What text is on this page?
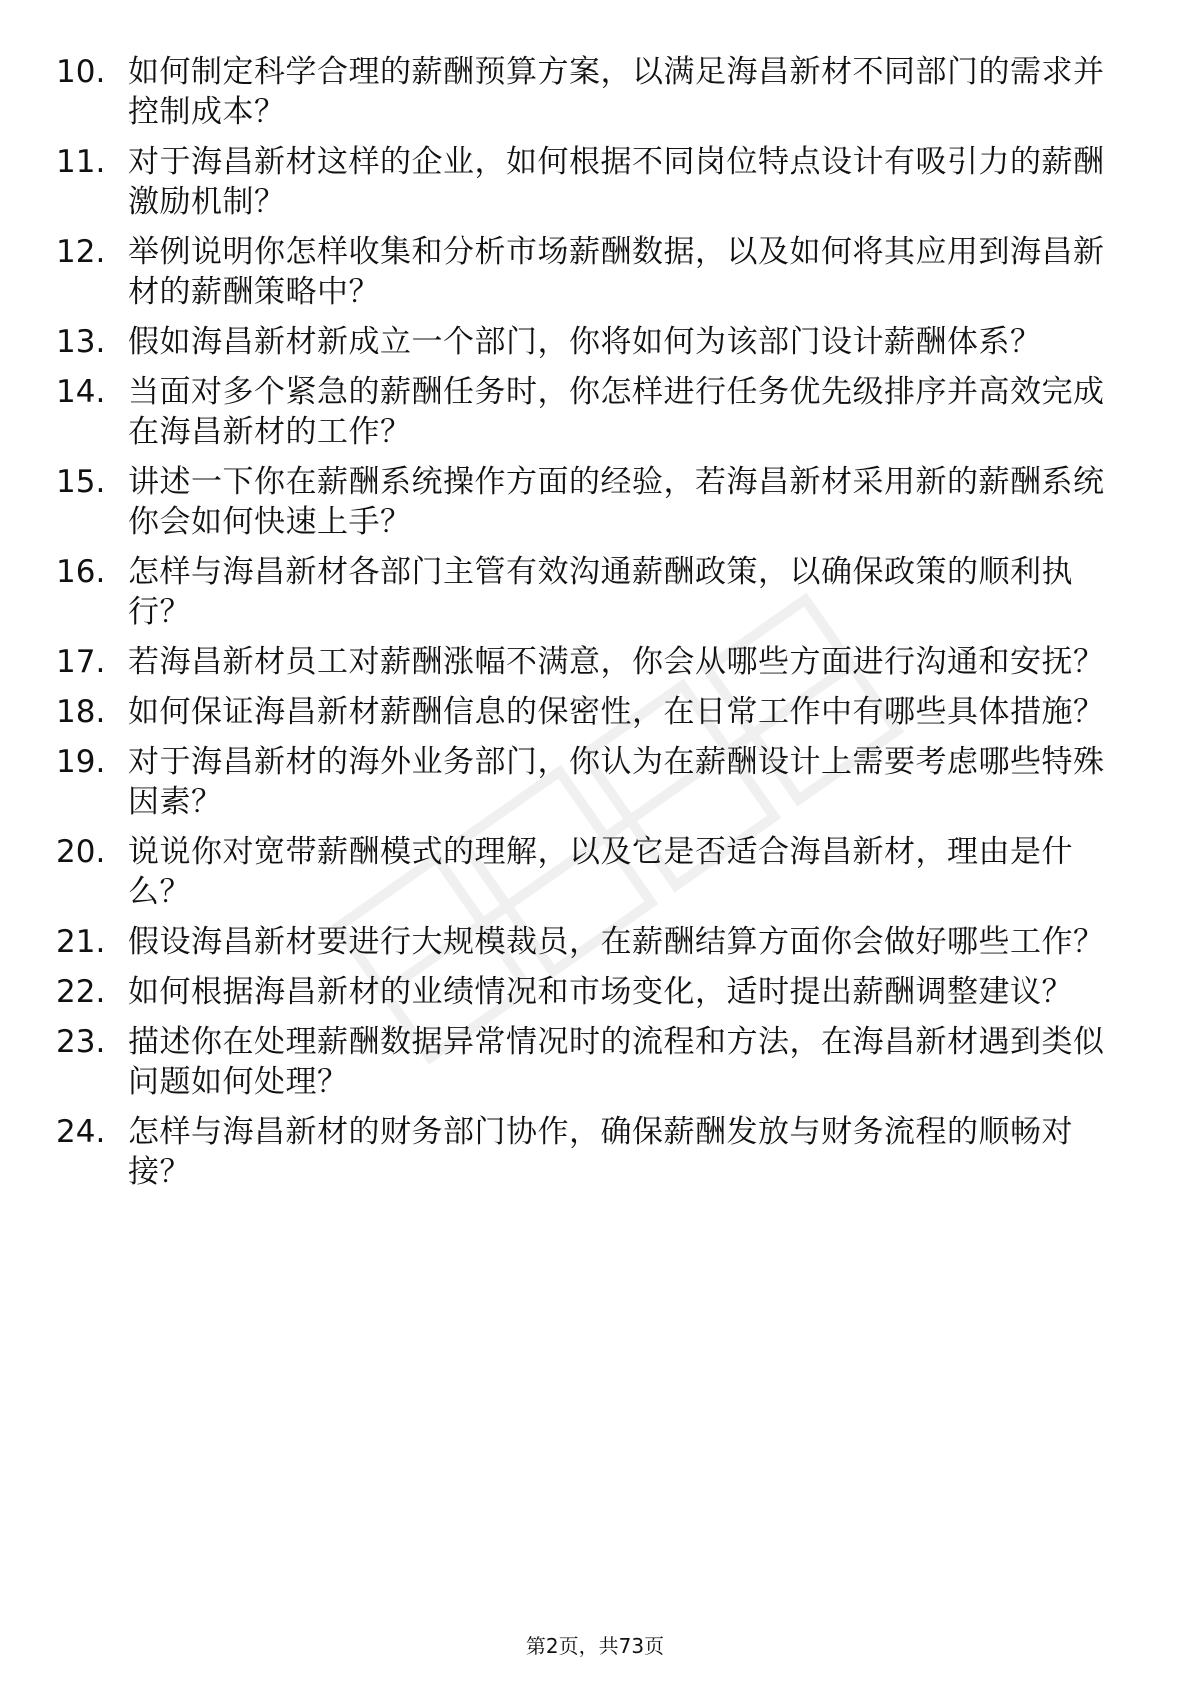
10. 如何制定科学合理的薪酬预算方案，以满足海昌新材不同部门的需求并控制成本？
11. 对于海昌新材这样的企业，如何根据不同岗位特点设计有吸引力的薪酬激励机制？
12. 举例说明你怎样收集和分析市场薪酬数据，以及如何将其应用到海昌新材的薪酬策略中？
13. 假如海昌新材新成立一个部门，你将如何为该部门设计薪酬体系？
14. 当面对多个紧急的薪酬任务时，你怎样进行任务优先级排序并高效完成在海昌新材的工作？
15. 讲述一下你在薪酬系统操作方面的经验，若海昌新材采用新的薪酬系统你会如何快速上手？
16. 怎样与海昌新材各部门主管有效沟通薪酬政策，以确保政策的顺利执行？
17. 若海昌新材员工对薪酬涨幅不满意，你会从哪些方面进行沟通和安抚？
18. 如何保证海昌新材薪酬信息的保密性，在日常工作中有哪些具体措施？
19. 对于海昌新材的海外业务部门，你认为在薪酬设计上需要考虑哪些特殊因素？
20. 说说你对宽带薪酬模式的理解，以及它是否适合海昌新材，理由是什么？
21. 假设海昌新材要进行大规模裁员，在薪酬结算方面你会做好哪些工作？
22. 如何根据海昌新材的业绩情况和市场变化，适时提出薪酬调整建议？
23. 描述你在处理薪酬数据异常情况时的流程和方法，在海昌新材遇到类似问题如何处理？
24. 怎样与海昌新材的财务部门协作，确保薪酬发放与财务流程的顺畅对接？
第2页，共73页
